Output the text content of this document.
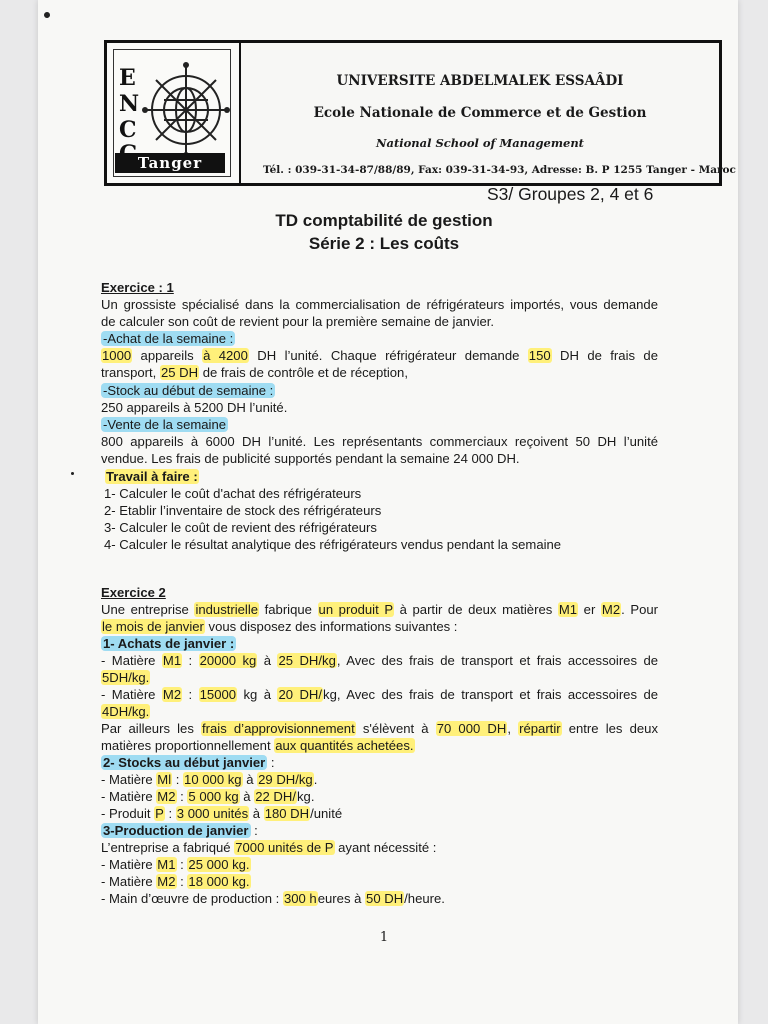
E
N
C
Tanger
UNIVERSITE ABDELMALEK ESSAÂDI
Ecole Nationale de Commerce et de Gestion
National School of Management
Tél. : 039-31-34-87/88/89, Fax: 039-31-34-93, Adresse: B. P 1255 Tanger - Maroc
S3/ Groupes 2, 4 et 6
TD comptabilité de gestion
Série 2 : Les coûts
Exercice : 1
Un grossiste spécialisé dans la commercialisation de réfrigérateurs importés, vous demande
de calculer son coût de revient pour la première semaine de janvier.
-Achat de la semaine :
1000 appareils à 4200 DH l’unité. Chaque réfrigérateur demande 150 DH de frais de
transport, 25 DH de frais de contrôle et de réception,
-Stock au début de semaine :
250 appareils à 5200 DH l’unité.
-Vente de la semaine
800 appareils à 6000 DH l’unité. Les représentants commerciaux reçoivent 50 DH l’unité
vendue. Les frais de publicité supportés pendant la semaine 24 000 DH.
Travail à faire :
1- Calculer le coût d'achat des réfrigérateurs
2- Etablir l’inventaire de stock des réfrigérateurs
3- Calculer le coût de revient des réfrigérateurs
4- Calculer le résultat analytique des réfrigérateurs vendus pendant la semaine
Exercice 2
Une entreprise industrielle fabrique un produit P à partir de deux matières M1 er M2. Pour
le mois de janvier vous disposez des informations suivantes :
1- Achats de janvier :
- Matière M1 : 20000 kg à 25 DH/kg, Avec des frais de transport et frais accessoires de
5DH/kg.
- Matière M2 : 15000 kg à 20 DH/kg, Avec des frais de transport et frais accessoires de
4DH/kg.
Par ailleurs les frais d’approvisionnement s'élèvent à 70 000 DH, répartir entre les deux
matières proportionnellement aux quantités achetées.
2- Stocks au début janvier :
- Matière Ml : 10 000 kg à 29 DH/kg.
- Matière M2 : 5 000 kg à 22 DH/kg.
- Produit P : 3 000 unités à 180 DH/unité
3-Production de janvier :
L’entreprise a fabriqué 7000 unités de P ayant nécessité :
- Matière M1 : 25 000 kg.
- Matière M2 : 18 000 kg.
- Main d’œuvre de production : 300 heures à 50 DH/heure.
1
